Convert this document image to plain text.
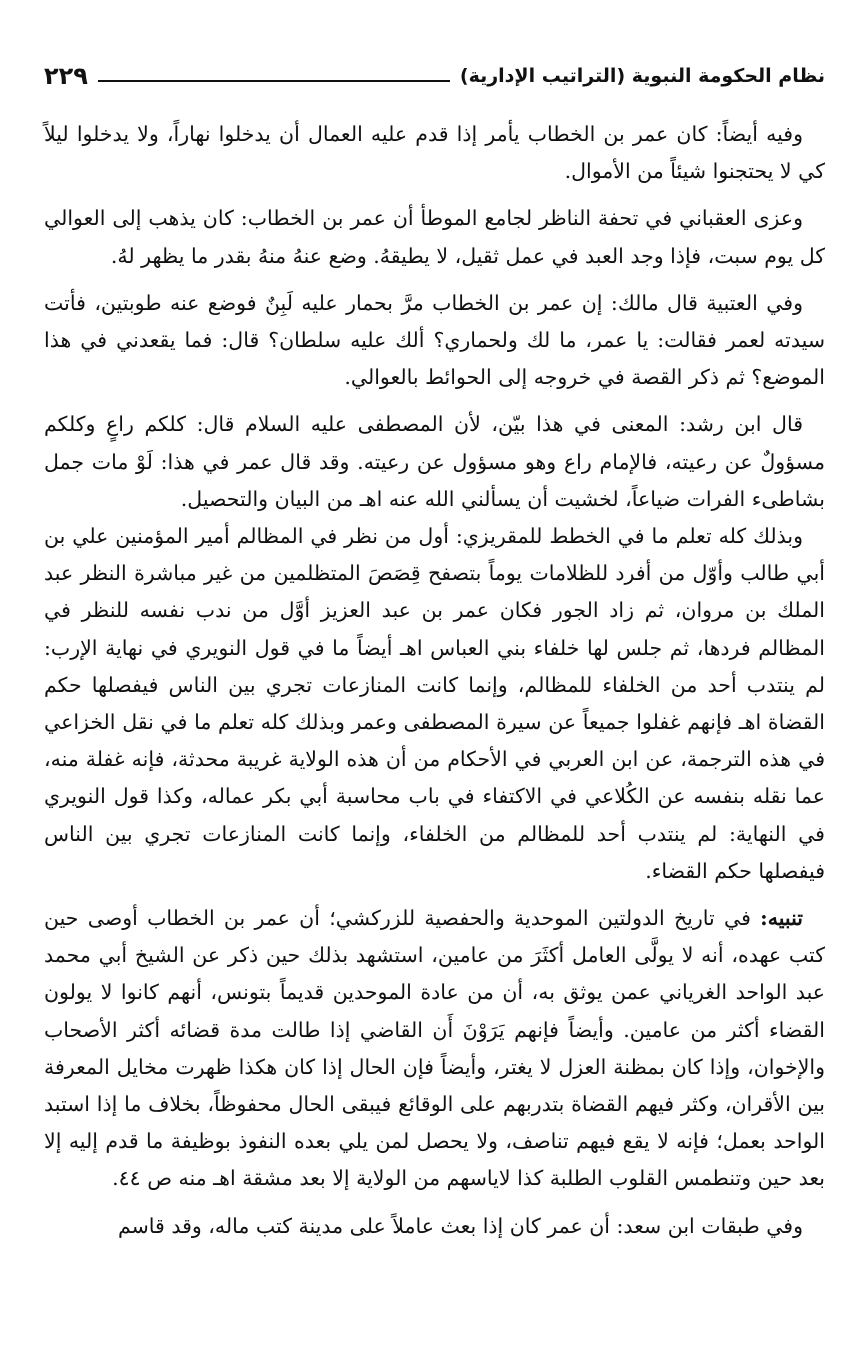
نظام الحكومة النبوية (التراتيب الإدارية)
٢٢٩

وفيه أيضاً: كان عمر بن الخطاب يأمر إذا قدم عليه العمال أن يدخلوا نهاراً، ولا يدخلوا ليلاً كي لا يحتجنوا شيئاً من الأموال.

وعزى العقباني في تحفة الناظر لجامع الموطأ أن عمر بن الخطاب: كان يذهب إلى العوالي كل يوم سبت، فإذا وجد العبد في عمل ثقيل، لا يطيقهُ. وضع عنهُ منهُ بقدر ما يظهر لهُ.

وفي العتبية قال مالك: إن عمر بن الخطاب مرَّ بحمار عليه لَبِنٌ فوضع عنه طوبتين، فأتت سيدته لعمر فقالت: يا عمر، ما لك ولحماري؟ ألك عليه سلطان؟ قال: فما يقعدني في هذا الموضع؟ ثم ذكر القصة في خروجه إلى الحوائط بالعوالي.

قال ابن رشد: المعنى في هذا بيّن، لأن المصطفى عليه السلام قال: كلكم راعٍ وكلكم مسؤولٌ عن رعيته، فالإمام راع وهو مسؤول عن رعيته. وقد قال عمر في هذا: لَوْ مات جمل بشاطىء الفرات ضياعاً، لخشيت أن يسألني الله عنه اهـ من البيان والتحصيل.

وبذلك كله تعلم ما في الخطط للمقريزي: أول من نظر في المظالم أمير المؤمنين علي بن أبي طالب وأوّل من أفرد للظلامات يوماً بتصفح قِصَصَ المتظلمين من غير مباشرة النظر عبد الملك بن مروان، ثم زاد الجور فكان عمر بن عبد العزيز أوَّل من ندب نفسه للنظر في المظالم فردها، ثم جلس لها خلفاء بني العباس اهـ أيضاً ما في قول النويري في نهاية الإرب: لم ينتدب أحد من الخلفاء للمظالم، وإنما كانت المنازعات تجري بين الناس فيفصلها حكم القضاة اهـ فإنهم غفلوا جميعاً عن سيرة المصطفى وعمر وبذلك كله تعلم ما في نقل الخزاعي في هذه الترجمة، عن ابن العربي في الأحكام من أن هذه الولاية غريبة محدثة، فإنه غفلة منه، عما نقله بنفسه عن الكُلاعي في الاكتفاء في باب محاسبة أبي بكر عماله، وكذا قول النويري في النهاية: لم ينتدب أحد للمظالم من الخلفاء، وإنما كانت المنازعات تجري بين الناس فيفصلها حكم القضاء.

تنبيه: في تاريخ الدولتين الموحدية والحفصية للزركشي؛ أن عمر بن الخطاب أوصى حين كتب عهده، أنه لا يولَّى العامل أكثَرَ من عامين، استشهد بذلك حين ذكر عن الشيخ أبي محمد عبد الواحد الغرياني عمن يوثق به، أن من عادة الموحدين قديماً بتونس، أنهم كانوا لا يولون القضاء أكثر من عامين. وأيضاً فإنهم يَرَوْنَ أَن القاضي إذا طالت مدة قضائه أكثر الأصحاب والإخوان، وإذا كان بمظنة العزل لا يغتر، وأيضاً فإن الحال إذا كان هكذا ظهرت مخايل المعرفة بين الأقران، وكثر فيهم القضاة بتدربهم على الوقائع فيبقى الحال محفوظاً، بخلاف ما إذا استبد الواحد بعمل؛ فإنه لا يقع فيهم تناصف، ولا يحصل لمن يلي بعده النفوذ بوظيفة ما قدم إليه إلا بعد حين وتنطمس القلوب الطلبة كذا لاياسهم من الولاية إلا بعد مشقة اهـ منه ص ٤٤.

وفي طبقات ابن سعد: أن عمر كان إذا بعث عاملاً على مدينة كتب ماله، وقد قاسم
